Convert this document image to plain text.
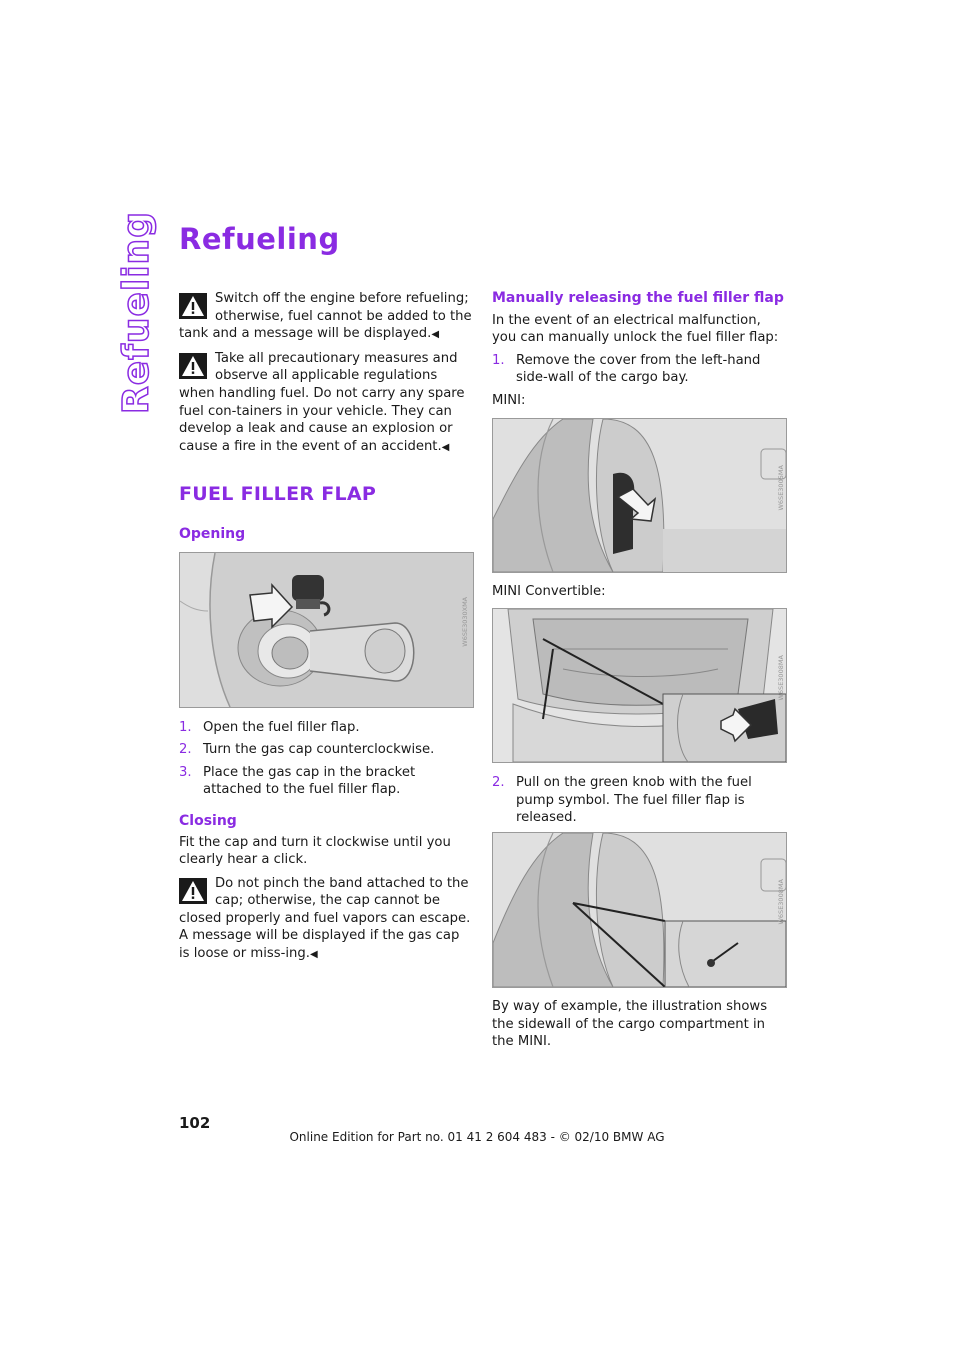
Refueling Refueling
Switch off the engine before refueling; otherwise, fuel cannot be added to the tank and a message will be displayed.◀
Take all precautionary measures and observe all applicable regulations when handling fuel. Do not carry any spare fuel con-tainers in your vehicle. They can develop a leak and cause an explosion or cause a fire in the event of an accident.◀
FUEL FILLER FLAP
Opening
W6SE3030XMA
1. Open the fuel filler flap.
2. Turn the gas cap counterclockwise.
3. Place the gas cap in the bracket attached to the fuel filler flap.
Closing

Fit the cap and turn it clockwise until you clearly hear a click.

Do not pinch the band attached to the cap; otherwise, the cap cannot be closed properly and fuel vapors can escape. A message will be displayed if the gas cap is loose or miss-ing.◀
Manually releasing the fuel filler flap

In the event of an electrical malfunction, you can manually unlock the fuel filler flap:

1. Remove the cover from the left-hand side-wall of the cargo bay.

MINI:

W6SE3005MA

MINI Convertible:

W6SE3008MA
2. Pull on the green knob with the fuel pump symbol. The fuel filler flap is released.
W6SE3008MA

By way of example, the illustration shows the sidewall of the cargo compartment in the MINI.

102

Online Edition for Part no. 01 41 2 604 483 - © 02/10 BMW AG
